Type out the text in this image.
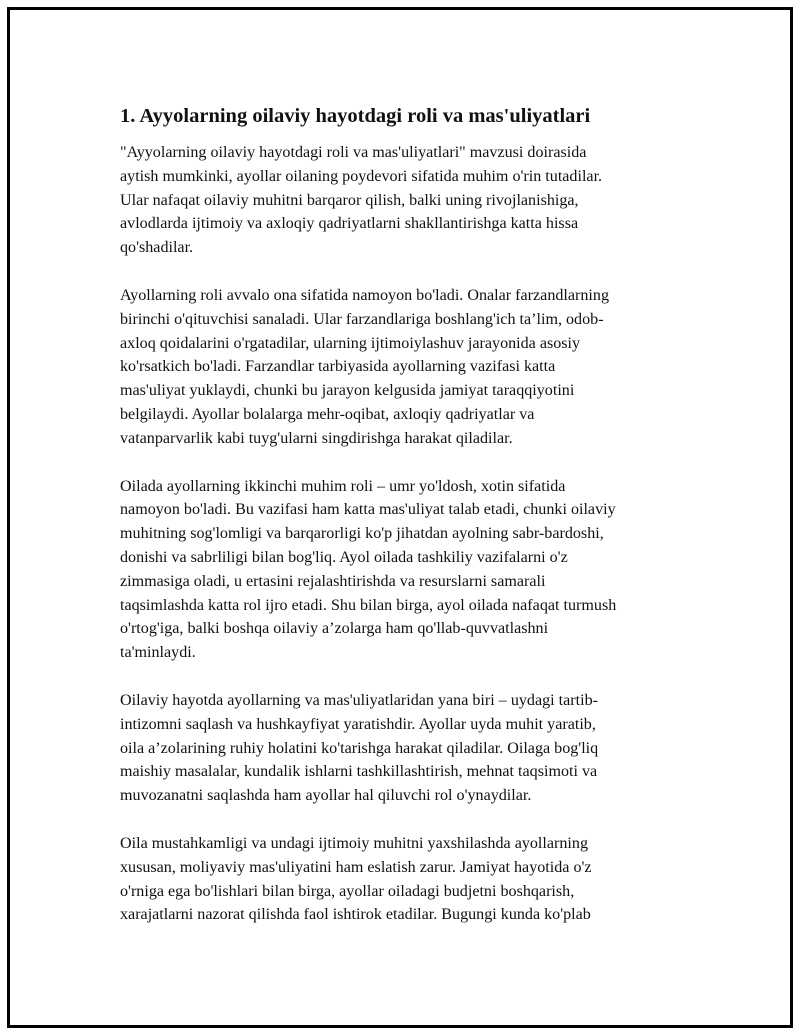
1. Ayyolarning oilaviy hayotdagi roli va mas'uliyatlari
"Ayyolarning oilaviy hayotdagi roli va mas'uliyatlari" mavzusi doirasida
aytish mumkinki, ayollar oilaning poydevori sifatida muhim o'rin tutadilar.
Ular nafaqat oilaviy muhitni barqaror qilish, balki uning rivojlanishiga,
avlodlarda ijtimoiy va axloqiy qadriyatlarni shakllantirishga katta hissa
qo'shadilar.
Ayollarning roli avvalo ona sifatida namoyon bo'ladi. Onalar farzandlarning
birinchi o'qituvchisi sanaladi. Ular farzandlariga boshlang'ich ta’lim, odob-
axloq qoidalarini o'rgatadilar, ularning ijtimoiylashuv jarayonida asosiy
ko'rsatkich bo'ladi. Farzandlar tarbiyasida ayollarning vazifasi katta
mas'uliyat yuklaydi, chunki bu jarayon kelgusida jamiyat taraqqiyotini
belgilaydi. Ayollar bolalarga mehr-oqibat, axloqiy qadriyatlar va
vatanparvarlik kabi tuyg'ularni singdirishga harakat qiladilar.
Oilada ayollarning ikkinchi muhim roli – umr yo'ldosh, xotin sifatida
namoyon bo'ladi. Bu vazifasi ham katta mas'uliyat talab etadi, chunki oilaviy
muhitning sog'lomligi va barqarorligi ko'p jihatdan ayolning sabr-bardoshi,
donishi va sabrliligi bilan bog'liq. Ayol oilada tashkiliy vazifalarni o'z
zimmasiga oladi, u ertasini rejalashtirishda va resurslarni samarali
taqsimlashda katta rol ijro etadi. Shu bilan birga, ayol oilada nafaqat turmush
o'rtog'iga, balki boshqa oilaviy a’zolarga ham qo'llab-quvvatlashni
ta'minlaydi.
Oilaviy hayotda ayollarning va mas'uliyatlaridan yana biri – uydagi tartib-
intizomni saqlash va hushkayfiyat yaratishdir. Ayollar uyda muhit yaratib,
oila a’zolarining ruhiy holatini ko'tarishga harakat qiladilar. Oilaga bog'liq
maishiy masalalar, kundalik ishlarni tashkillashtirish, mehnat taqsimoti va
muvozanatni saqlashda ham ayollar hal qiluvchi rol o'ynaydilar.
Oila mustahkamligi va undagi ijtimoiy muhitni yaxshilashda ayollarning
xususan, moliyaviy mas'uliyatini ham eslatish zarur. Jamiyat hayotida o'z
o'rniga ega bo'lishlari bilan birga, ayollar oiladagi budjetni boshqarish,
xarajatlarni nazorat qilishda faol ishtirok etadilar. Bugungi kunda ko'plab
